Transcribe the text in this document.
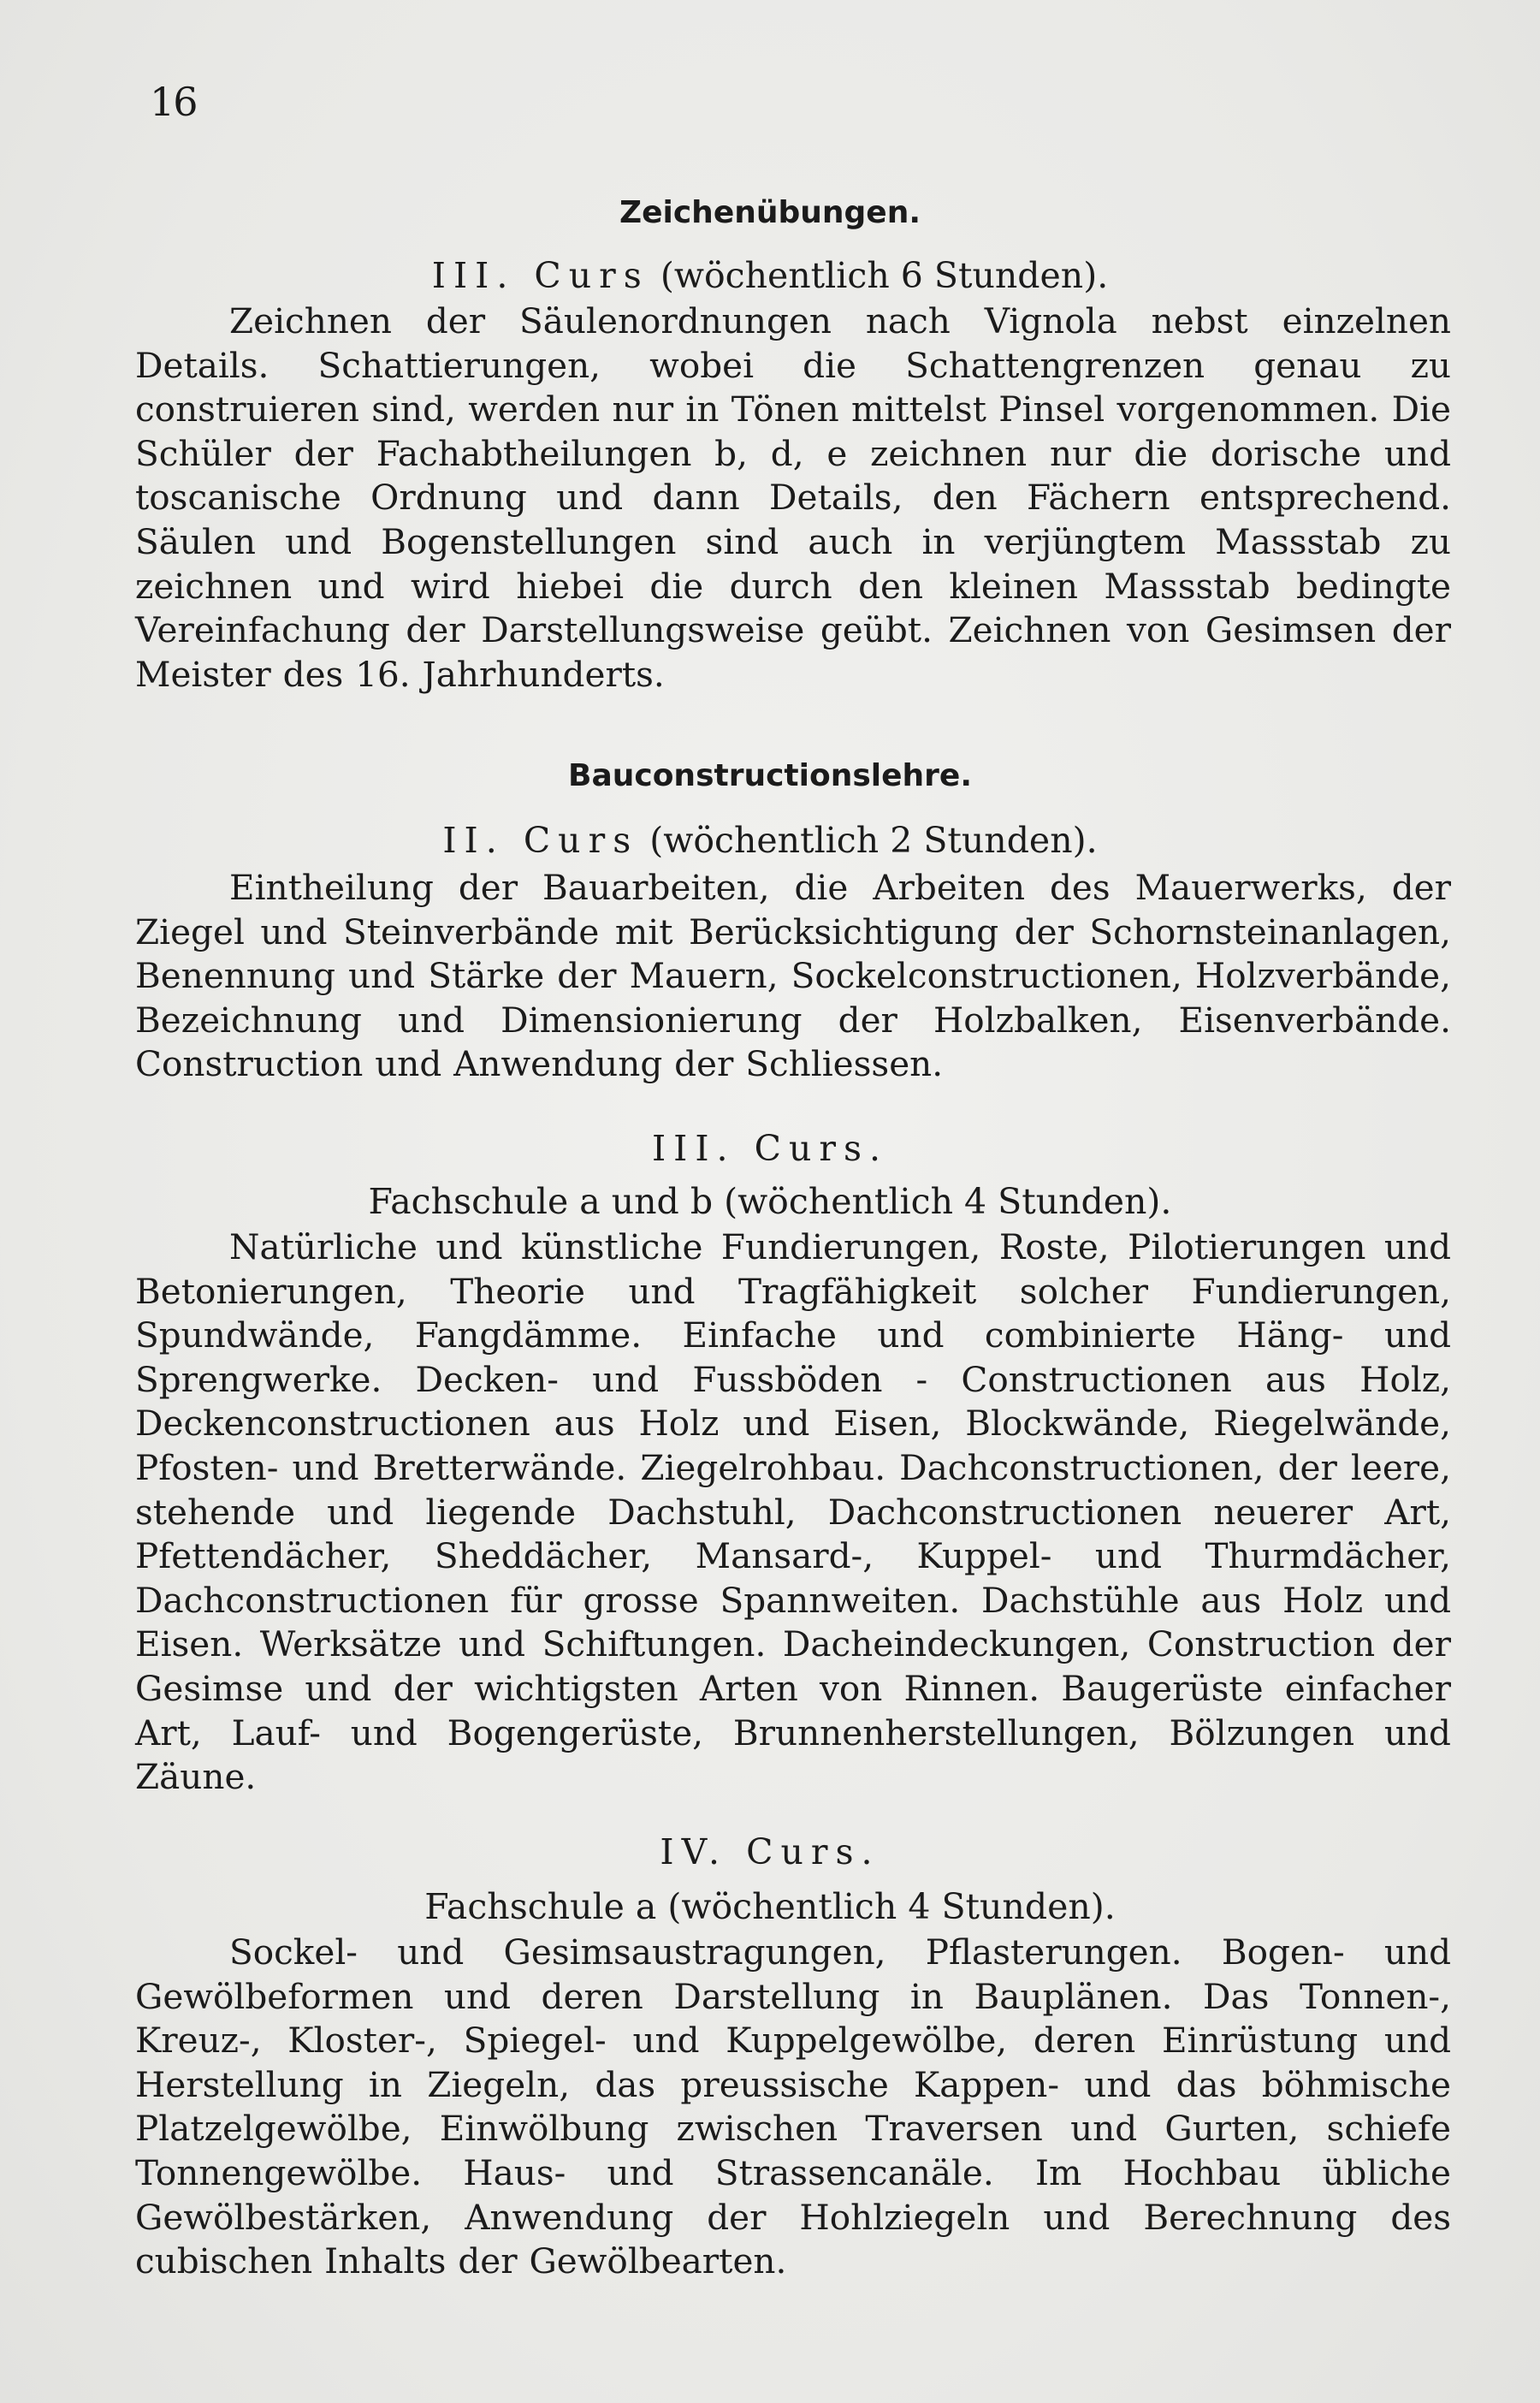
16
Zeichenübungen.
III. Curs (wöchentlich 6 Stunden).

Zeichnen der Säulenordnungen nach Vignola nebst einzelnen Details. Schattierungen, wobei die Schattengrenzen genau zu construieren sind, werden nur in Tönen mittelst Pinsel vorgenommen. Die Schüler der Fachabtheilungen b, d, e zeichnen nur die dorische und toscanische Ordnung und dann Details, den Fächern entsprechend. Säulen und Bogenstellungen sind auch in verjüngtem Massstab zu zeichnen und wird hiebei die durch den kleinen Massstab bedingte Vereinfachung der Darstellungsweise geübt. Zeichnen von Gesimsen der Meister des 16. Jahrhunderts.

Bauconstructionslehre.
II. Curs (wöchentlich 2 Stunden).

Eintheilung der Bauarbeiten, die Arbeiten des Mauerwerks, der Ziegel und Steinverbände mit Berücksichtigung der Schornsteinanlagen, Benennung und Stärke der Mauern, Sockelconstructionen, Holzverbände, Bezeichnung und Dimensionierung der Holzbalken, Eisenverbände. Construction und Anwendung der Schliessen.

III. Curs.
Fachschule a und b (wöchentlich 4 Stunden).

Natürliche und künstliche Fundierungen, Roste, Pilotierungen und Betonierungen, Theorie und Tragfähigkeit solcher Fundierungen, Spundwände, Fangdämme. Einfache und combinierte Häng- und Sprengwerke. Decken- und Fussböden - Constructionen aus Holz, Deckenconstructionen aus Holz und Eisen, Blockwände, Riegelwände, Pfosten- und Bretterwände. Ziegelrohbau. Dachconstructionen, der leere, stehende und liegende Dachstuhl, Dachconstructionen neuerer Art, Pfettendächer, Sheddächer, Mansard-, Kuppel- und Thurmdächer, Dachconstructionen für grosse Spannweiten. Dachstühle aus Holz und Eisen. Werksätze und Schiftungen. Dacheindeckungen, Construction der Gesimse und der wichtigsten Arten von Rinnen. Baugerüste einfacher Art, Lauf- und Bogengerüste, Brunnenherstellungen, Bölzungen und Zäune.

IV. Curs.
Fachschule a (wöchentlich 4 Stunden).

Sockel- und Gesimsaustragungen, Pflasterungen. Bogen- und Gewölbeformen und deren Darstellung in Bauplänen. Das Tonnen-, Kreuz-, Kloster-, Spiegel- und Kuppelgewölbe, deren Einrüstung und Herstellung in Ziegeln, das preussische Kappen- und das böhmische Platzelgewölbe, Einwölbung zwischen Traversen und Gurten, schiefe Tonnengewölbe. Haus- und Strassencanäle. Im Hochbau übliche Gewölbestärken, Anwendung der Hohlziegeln und Berechnung des cubischen Inhalts der Gewölbearten.
